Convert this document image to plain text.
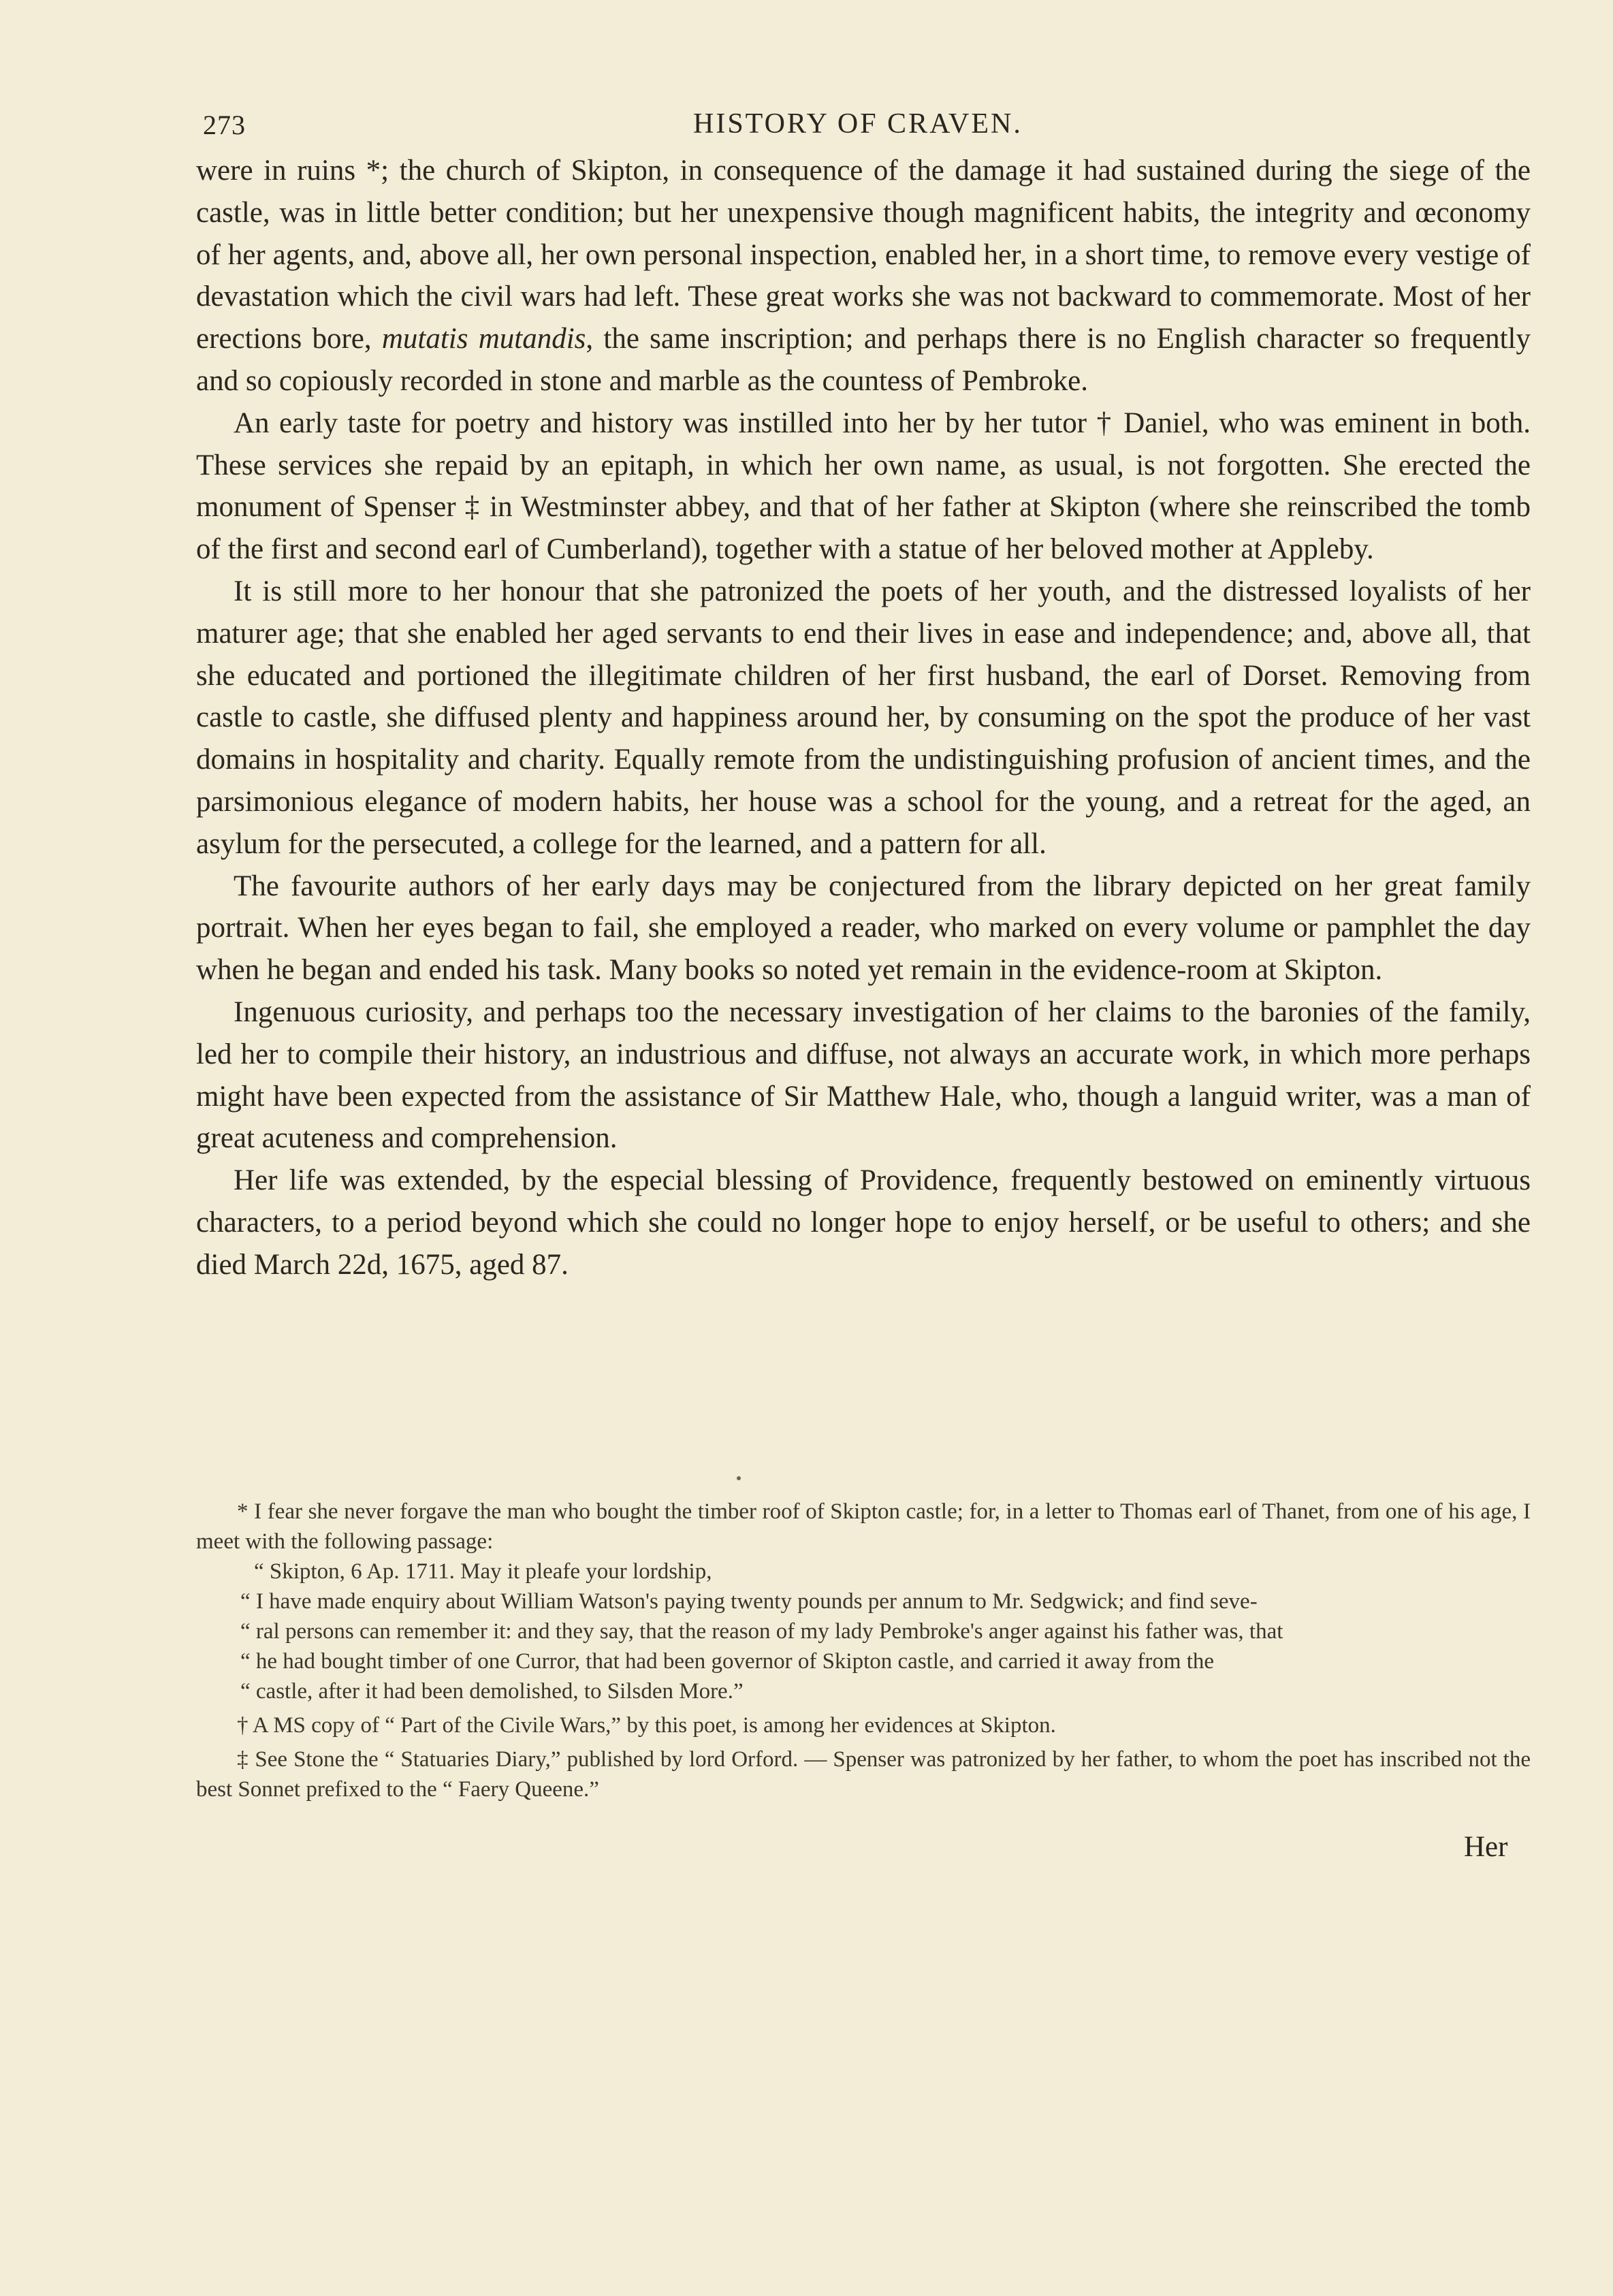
273	HISTORY OF CRAVEN.

were in ruins *; the church of Skipton, in consequence of the damage it had sustained during the siege of the castle, was in little better condition; but her unexpensive though magnificent habits, the integrity and œconomy of her agents, and, above all, her own personal inspection, enabled her, in a short time, to remove every vestige of devastation which the civil wars had left. These great works she was not backward to commemorate. Most of her erections bore, mutatis mutandis, the same inscription; and perhaps there is no English character so frequently and so copiously recorded in stone and marble as the countess of Pembroke.

An early taste for poetry and history was instilled into her by her tutor † Daniel, who was eminent in both. These services she repaid by an epitaph, in which her own name, as usual, is not forgotten. She erected the monument of Spenser ‡ in Westminster abbey, and that of her father at Skipton (where she reinscribed the tomb of the first and second earl of Cumberland), together with a statue of her beloved mother at Appleby.

It is still more to her honour that she patronized the poets of her youth, and the distressed loyalists of her maturer age; that she enabled her aged servants to end their lives in ease and independence; and, above all, that she educated and portioned the illegitimate children of her first husband, the earl of Dorset. Removing from castle to castle, she diffused plenty and happiness around her, by consuming on the spot the produce of her vast domains in hospitality and charity. Equally remote from the undistinguishing profusion of ancient times, and the parsimonious elegance of modern habits, her house was a school for the young, and a retreat for the aged, an asylum for the persecuted, a college for the learned, and a pattern for all.

The favourite authors of her early days may be conjectured from the library depicted on her great family portrait. When her eyes began to fail, she employed a reader, who marked on every volume or pamphlet the day when he began and ended his task. Many books so noted yet remain in the evidence-room at Skipton.

Ingenuous curiosity, and perhaps too the necessary investigation of her claims to the baronies of the family, led her to compile their history, an industrious and diffuse, not always an accurate work, in which more perhaps might have been expected from the assistance of Sir Matthew Hale, who, though a languid writer, was a man of great acuteness and comprehension.

Her life was extended, by the especial blessing of Providence, frequently bestowed on eminently virtuous characters, to a period beyond which she could no longer hope to enjoy herself, or be useful to others; and she died March 22d, 1675, aged 87.

* I fear she never forgave the man who bought the timber roof of Skipton castle; for, in a letter to Thomas earl of Thanet, from one of his age, I meet with the following passage:

“ Skipton, 6 Ap. 1711. May it pleafe your lordship,

“ I have made enquiry about William Watson's paying twenty pounds per annum to Mr. Sedgwick; and find seve-

“ ral persons can remember it: and they say, that the reason of my lady Pembroke's anger against his father was, that

“ he had bought timber of one Curror, that had been governor of Skipton castle, and carried it away from the

“ castle, after it had been demolished, to Silsden More.”

† A MS copy of “ Part of the Civile Wars,” by this poet, is among her evidences at Skipton.

‡ See Stone the “ Statuaries Diary,” published by lord Orford. — Spenser was patronized by her father, to whom the poet has inscribed not the best Sonnet prefixed to the “ Faery Queene.”

Her
